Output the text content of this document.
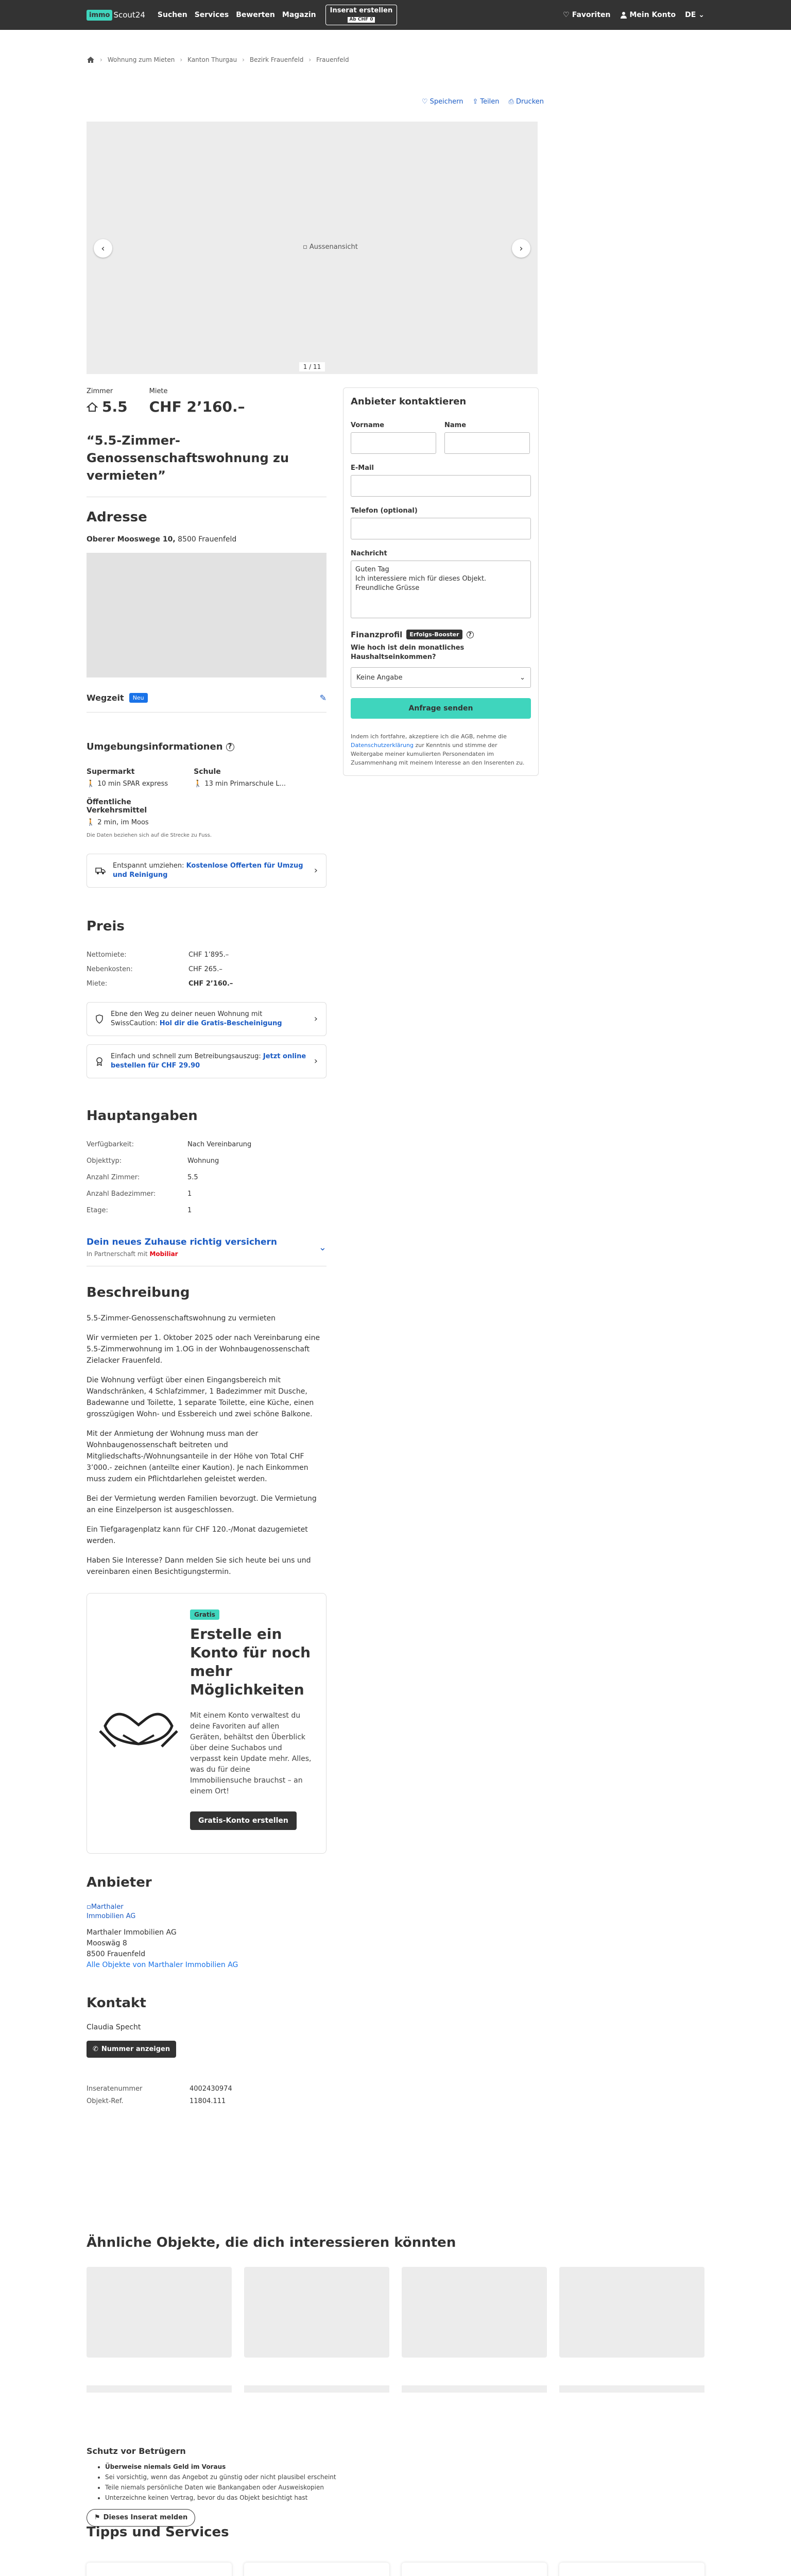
immo Scout24 Suchen Services Bewerten Magazin
Inserat erstellen
Ab CHF 0
♡ Favoriten	Mein Konto DE ⌄
› Wohnung zum Mieten › Kanton Thurgau › Bezirk Frauenfeld › Frauenfeld
♡ Speichern ⇪ Teilen ⎙ Drucken
▫ Aussenansicht
‹	›
1 / 11
Zimmer
5.5
Miete
CHF 2’160.–
“5.5-Zimmer-Genossenschaftswohnung zu vermieten”
Adresse
Oberer Mooswege 10, 8500 Frauenfeld
Wegzeit	Neu	✎
Umgebungsinformationen ?
Supermarkt
🚶 10 min SPAR express
Schule
🚶 13 min Primarschule L...
Öffentliche Verkehrsmittel
🚶 2 min, im Moos
Die Daten beziehen sich auf die Strecke zu Fuss.
Entspannt umziehen: Kostenlose Offerten für Umzug und Reinigung	›
Preis
Nettomiete:	CHF 1’895.–
Nebenkosten:	CHF 265.–
Miete:	CHF 2’160.–
Ebne den Weg zu deiner neuen Wohnung mit SwissCaution: Hol dir die Gratis-Bescheinigung	›
Einfach und schnell zum Betreibungsauszug: Jetzt online bestellen für CHF 29.90	›
Hauptangaben
Verfügbarkeit:	Nach Vereinbarung
Objekttyp:	Wohnung
Anzahl Zimmer:	5.5
Anzahl Badezimmer:	1
Etage:	1
Dein neues Zuhause richtig versichern
In Partnerschaft mit Mobiliar
⌄
Beschreibung

5.5-Zimmer-Genossenschaftswohnung zu vermieten

Wir vermieten per 1. Oktober 2025 oder nach Vereinbarung eine 5.5-Zimmerwohnung im 1.OG in der Wohnbaugenossenschaft Zielacker Frauenfeld.

Die Wohnung verfügt über einen Eingangsbereich mit Wandschränken, 4 Schlafzimmer, 1 Badezimmer mit Dusche, Badewanne und Toilette, 1 separate Toilette, eine Küche, einen grosszügigen Wohn- und Essbereich und zwei schöne Balkone.

Mit der Anmietung der Wohnung muss man der Wohnbaugenossenschaft beitreten und Mitgliedschafts-/Wohnungsanteile in der Höhe von Total CHF 3’000.- zeichnen (anteilte einer Kaution). Je nach Einkommen muss zudem ein Pflichtdarlehen geleistet werden.

Bei der Vermietung werden Familien bevorzugt. Die Vermietung an eine Einzelperson ist ausgeschlossen.

Ein Tiefgaragenplatz kann für CHF 120.-/Monat dazugemietet werden.

Haben Sie Interesse? Dann melden Sie sich heute bei uns und vereinbaren einen Besichtigungstermin.

Gratis
Erstelle ein Konto für noch mehr Möglichkeiten
Mit einem Konto verwaltest du deine Favoriten auf allen Geräten, behältst den Überblick über deine Suchabos und verpasst kein Update mehr. Alles, was du für deine Immobiliensuche brauchst – an einem Ort!
Gratis-Konto erstellen
Anbieter
▫Marthaler Immobilien AG
Marthaler Immobilien AG
Mooswäg 8
8500 Frauenfeld
Alle Objekte von Marthaler Immobilien AG
Kontakt
Claudia Specht
✆ Nummer anzeigen
Inseratenummer	4002430974
Objekt-Ref.	11804.111
Anbieter kontaktieren
Vorname	Name
E-Mail
Telefon (optional)
Nachricht
Guten Tag
Ich interessiere mich für dieses Objekt.
Freundliche Grüsse
Finanzprofil	Erfolgs-Booster	?
Wie hoch ist dein monatliches Haushaltseinkommen?
Keine Angabe	⌄
Anfrage senden
Indem ich fortfahre, akzeptiere ich die AGB, nehme die Datenschutzerklärung zur Kenntnis und stimme der Weitergabe meiner kumulierten Personendaten im Zusammenhang mit meinem Interesse an den Inserenten zu.
Ähnliche Objekte, die dich interessieren könnten
Schutz vor Betrügern
• Überweise niemals Geld im Voraus
• Sei vorsichtig, wenn das Angebot zu günstig oder nicht plausibel erscheint
• Teile niemals persönliche Daten wie Bankangaben oder Ausweiskopien
• Unterzeichne keinen Vertrag, bevor du das Objekt besichtigt hast
⚑ Dieses Inserat melden
Tipps und Services
